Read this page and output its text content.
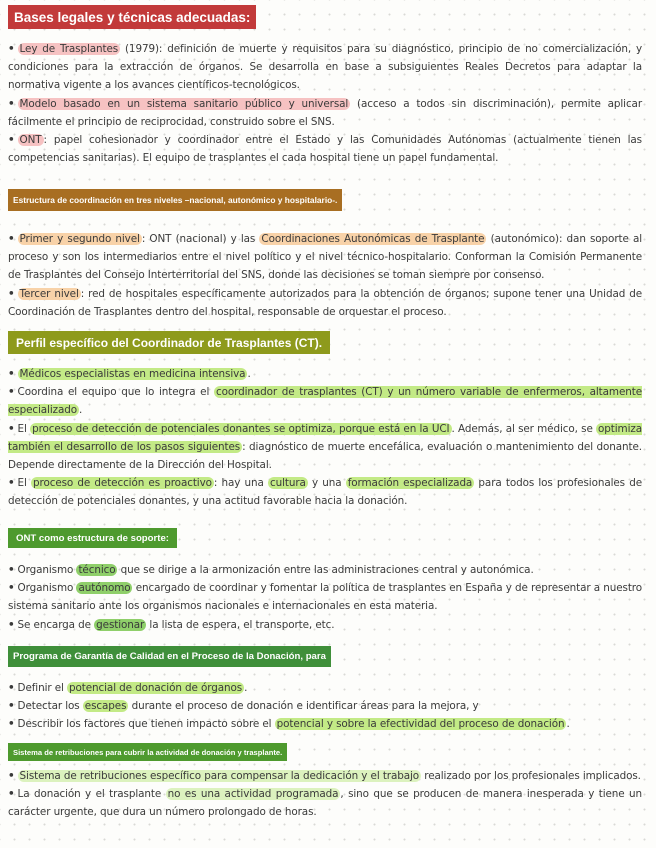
Bases legales y técnicas adecuadas:

• Ley de Trasplantes (1979): definición de muerte y requisitos para su diagnóstico, principio de no comercialización, y condiciones para la extracción de órganos. Se desarrolla en base a subsiguientes Reales Decretos para adaptar la normativa vigente a los avances científicos-tecnológicos.

• Modelo basado en un sistema sanitario público y universal (acceso a todos sin discriminación), permite aplicar fácilmente el principio de reciprocidad, construido sobre el SNS.

• ONT : papel cohesionador y coordinador entre el Estado y las Comunidades Autónomas (actualmente tienen las competencias sanitarias). El equipo de trasplantes el cada hospital tiene un papel fundamental.

Estructura de coordinación en tres niveles –nacional, autonómico y hospitalario-.

• Primer y segundo nivel : ONT (nacional) y las Coordinaciones Autonómicas de Trasplante (autonómico): dan soporte al proceso y son los intermediarios entre el nivel político y el nivel técnico-hospitalario. Conforman la Comisión Permanente de Trasplantes del Consejo Interterritorial del SNS, donde las decisiones se toman siempre por consenso.

• Tercer nivel : red de hospitales específicamente autorizados para la obtención de órganos; supone tener una Unidad de Coordinación de Trasplantes dentro del hospital, responsable de orquestar el proceso.

Perfil específico del Coordinador de Trasplantes (CT).

• Médicos especialistas en medicina intensiva .

• Coordina el equipo que lo integra el coordinador de trasplantes (CT) y un número variable de enfermeros, altamente especializado .

• El proceso de detección de potenciales donantes se optimiza, porque está en la UCI . Además, al ser médico, se optimiza también el desarrollo de los pasos siguientes : diagnóstico de muerte encefálica, evaluación o mantenimiento del donante. Depende directamente de la Dirección del Hospital.

• El proceso de detección es proactivo : hay una cultura y una formación especializada para todos los profesionales de detección de potenciales donantes, y una actitud favorable hacia la donación.

ONT como estructura de soporte:

• Organismo técnico que se dirige a la armonización entre las administraciones central y autonómica.

• Organismo autónomo encargado de coordinar y fomentar la política de trasplantes en España y de representar a nuestro sistema sanitario ante los organismos nacionales e internacionales en esta materia.

• Se encarga de gestionar la lista de espera, el transporte, etc.

Programa de Garantía de Calidad en el Proceso de la Donación, para

• Definir el potencial de donación de órganos .

• Detectar los escapes durante el proceso de donación e identificar áreas para la mejora, y

• Describir los factores que tienen impacto sobre el potencial y sobre la efectividad del proceso de donación .

Sistema de retribuciones para cubrir la actividad de donación y trasplante.

• Sistema de retribuciones específico para compensar la dedicación y el trabajo realizado por los profesionales implicados.

• La donación y el trasplante no es una actividad programada , sino que se producen de manera inesperada y tiene un carácter urgente, que dura un número prolongado de horas.
